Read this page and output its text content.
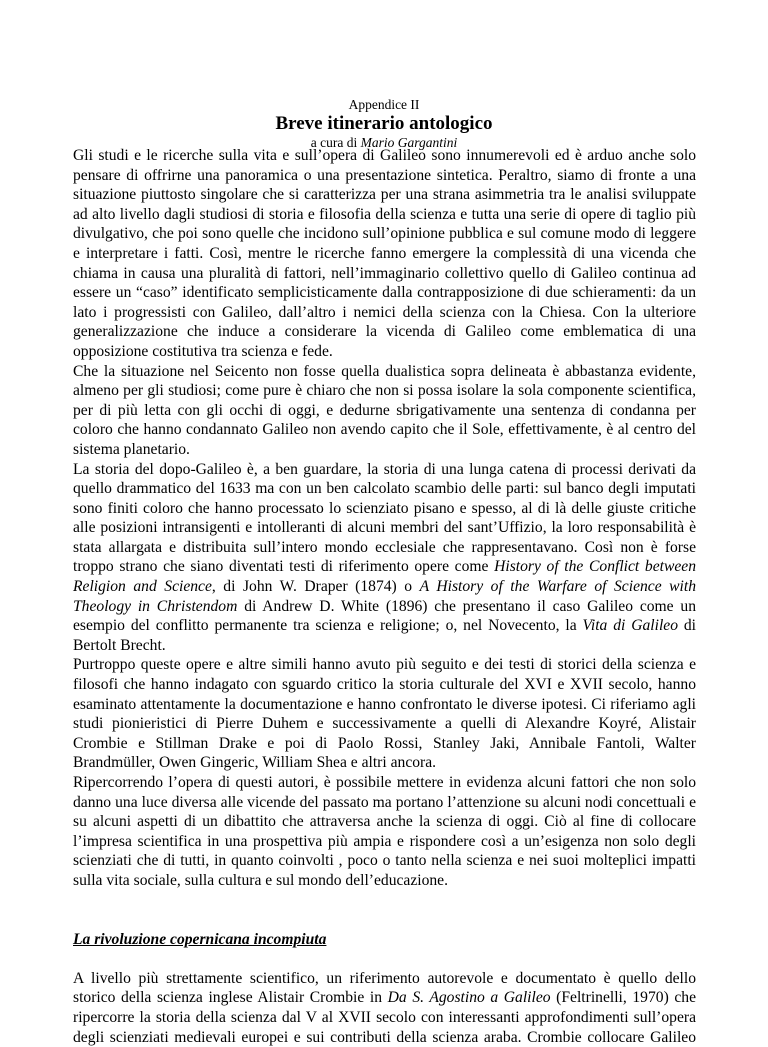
Appendice II
Breve itinerario antologico
a cura di Mario Gargantini

Gli studi e le ricerche sulla vita e sull’opera di Galileo sono innumerevoli ed è arduo anche solo pensare di offrirne una panoramica o una presentazione sintetica. Peraltro, siamo di fronte a una situazione piuttosto singolare che si caratterizza per una strana asimmetria tra le analisi sviluppate ad alto livello dagli studiosi di storia e filosofia della scienza e tutta una serie di opere di taglio più divulgativo, che poi sono quelle che incidono sull’opinione pubblica e sul comune modo di leggere e interpretare i fatti. Così, mentre le ricerche fanno emergere la complessità di una vicenda che chiama in causa una pluralità di fattori, nell’immaginario collettivo quello di Galileo continua ad essere un “caso” identificato semplicisticamente dalla contrapposizione di due schieramenti: da un lato i progressisti con Galileo, dall’altro i nemici della scienza con la Chiesa. Con la ulteriore generalizzazione che induce a considerare la vicenda di Galileo come emblematica di una opposizione costitutiva tra scienza e fede.

Che la situazione nel Seicento non fosse quella dualistica sopra delineata è abbastanza evidente, almeno per gli studiosi; come pure è chiaro che non si possa isolare la sola componente scientifica, per di più letta con gli occhi di oggi, e dedurne sbrigativamente una sentenza di condanna per coloro che hanno condannato Galileo non avendo capito che il Sole, effettivamente, è al centro del sistema planetario.

La storia del dopo-Galileo è, a ben guardare, la storia di una lunga catena di processi derivati da quello drammatico del 1633 ma con un ben calcolato scambio delle parti: sul banco degli imputati sono finiti coloro che hanno processato lo scienziato pisano e spesso, al di là delle giuste critiche alle posizioni intransigenti e intolleranti di alcuni membri del sant’Uffizio, la loro responsabilità è stata allargata e distribuita sull’intero mondo ecclesiale che rappresentavano. Così non è forse troppo strano che siano diventati testi di riferimento opere come History of the Conflict between Religion and Science, di John W. Draper (1874) o A History of the Warfare of Science with Theology in Christendom di Andrew D. White (1896) che presentano il caso Galileo come un esempio del conflitto permanente tra scienza e religione; o, nel Novecento, la Vita di Galileo di Bertolt Brecht.

Purtroppo queste opere e altre simili hanno avuto più seguito e dei testi di storici della scienza e filosofi che hanno indagato con sguardo critico la storia culturale del XVI e XVII secolo, hanno esaminato attentamente la documentazione e hanno confrontato le diverse ipotesi. Ci riferiamo agli studi pionieristici di Pierre Duhem e successivamente a quelli di Alexandre Koyré, Alistair Crombie e Stillman Drake e poi di Paolo Rossi, Stanley Jaki, Annibale Fantoli, Walter Brandmüller, Owen Gingeric, William Shea e altri ancora.

Ripercorrendo l’opera di questi autori, è possibile mettere in evidenza alcuni fattori che non solo danno una luce diversa alle vicende del passato ma portano l’attenzione su alcuni nodi concettuali e su alcuni aspetti di un dibattito che attraversa anche la scienza di oggi. Ciò al fine di collocare l’impresa scientifica in una prospettiva più ampia e rispondere così a un’esigenza non solo degli scienziati che di tutti, in quanto coinvolti , poco o tanto nella scienza e nei suoi molteplici impatti sulla vita sociale, sulla cultura e sul mondo dell’educazione.

La rivoluzione copernicana incompiuta

A livello più strettamente scientifico, un riferimento autorevole e documentato è quello dello storico della scienza inglese Alistair Crombie in Da S. Agostino a Galileo (Feltrinelli, 1970) che ripercorre la storia della scienza dal V al XVII secolo con interessanti approfondimenti sull’opera degli scienziati medievali europei e sui contributi della scienza araba. Crombie collocare Galileo
